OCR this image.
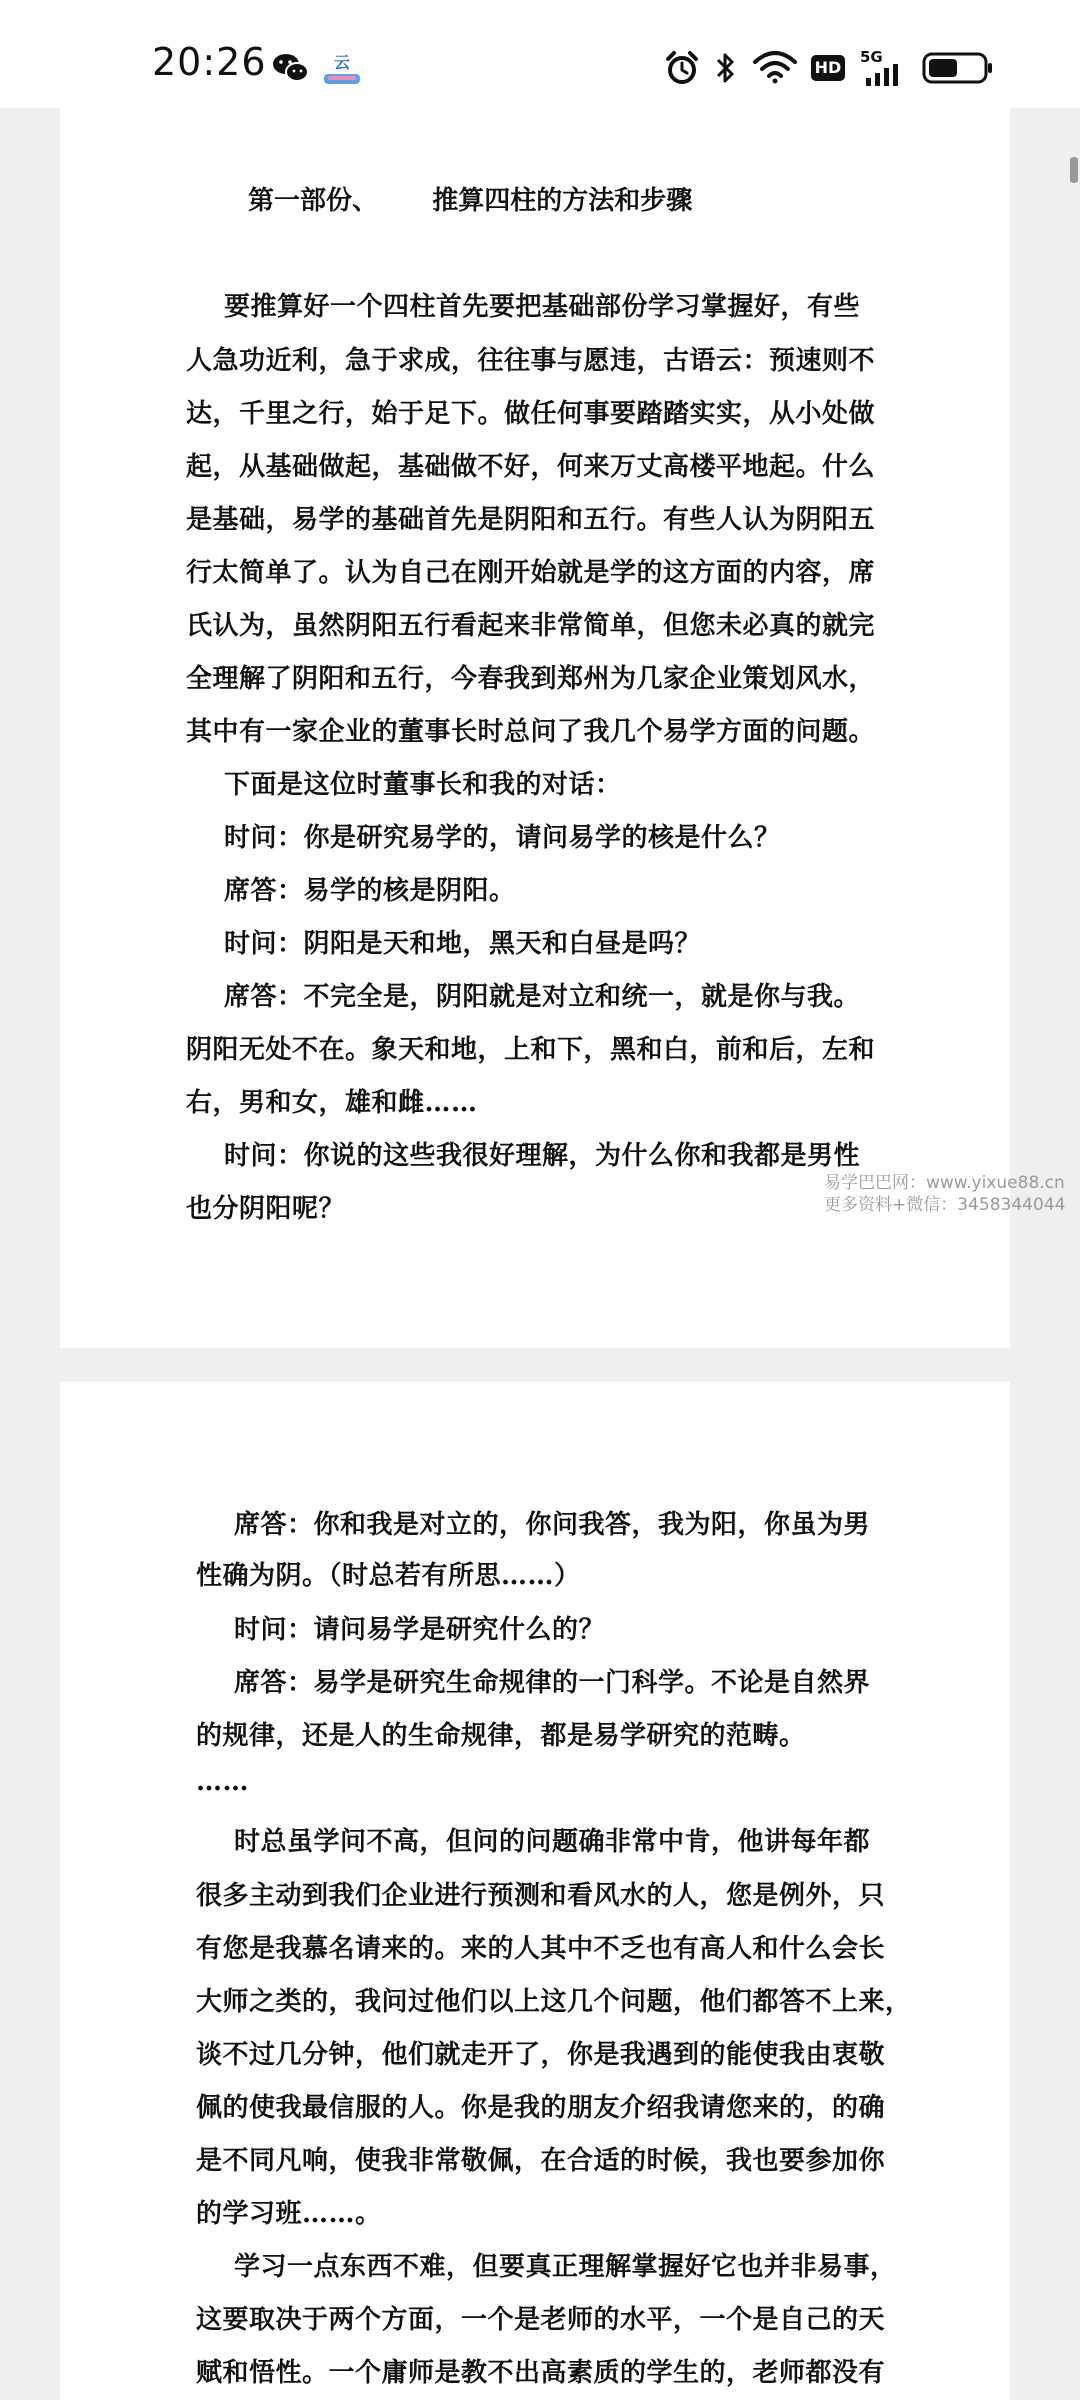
20:26	云	HD
5G
第一部份、      推算四柱的方法和步骤
要推算好一个四柱首先要把基础部份学习掌握好，有些
人急功近利，急于求成，往往事与愿违，古语云：预速则不
达，千里之行，始于足下。做任何事要踏踏实实，从小处做
起，从基础做起，基础做不好，何来万丈高楼平地起。什么
是基础，易学的基础首先是阴阳和五行。有些人认为阴阳五
行太简单了。认为自己在刚开始就是学的这方面的内容，席
氏认为，虽然阴阳五行看起来非常简单，但您未必真的就完
全理解了阴阳和五行，今春我到郑州为几家企业策划风水，
其中有一家企业的董事长时总问了我几个易学方面的问题。
下面是这位时董事长和我的对话：
时问：你是研究易学的，请问易学的核是什么？
席答：易学的核是阴阳。
时问：阴阳是天和地，黑天和白昼是吗？
席答：不完全是，阴阳就是对立和统一，就是你与我。
阴阳无处不在。象天和地，上和下，黑和白，前和后，左和
右，男和女，雄和雌……
时问：你说的这些我很好理解，为什么你和我都是男性
也分阴阳呢？
易学巴巴网：www.yixue88.cn
更多资料+微信：3458344044
席答：你和我是对立的，你问我答，我为阳，你虽为男
性确为阴。（时总若有所思……）
时问：请问易学是研究什么的？
席答：易学是研究生命规律的一门科学。不论是自然界
的规律，还是人的生命规律，都是易学研究的范畴。
……
时总虽学问不高，但问的问题确非常中肯，他讲每年都
很多主动到我们企业进行预测和看风水的人，您是例外，只
有您是我慕名请来的。来的人其中不乏也有高人和什么会长
大师之类的，我问过他们以上这几个问题，他们都答不上来，
谈不过几分钟，他们就走开了，你是我遇到的能使我由衷敬
佩的使我最信服的人。你是我的朋友介绍我请您来的，的确
是不同凡响，使我非常敬佩，在合适的时候，我也要参加你
的学习班……。
学习一点东西不难，但要真正理解掌握好它也并非易事，
这要取决于两个方面，一个是老师的水平，一个是自己的天
赋和悟性。一个庸师是教不出高素质的学生的，老师都没有
